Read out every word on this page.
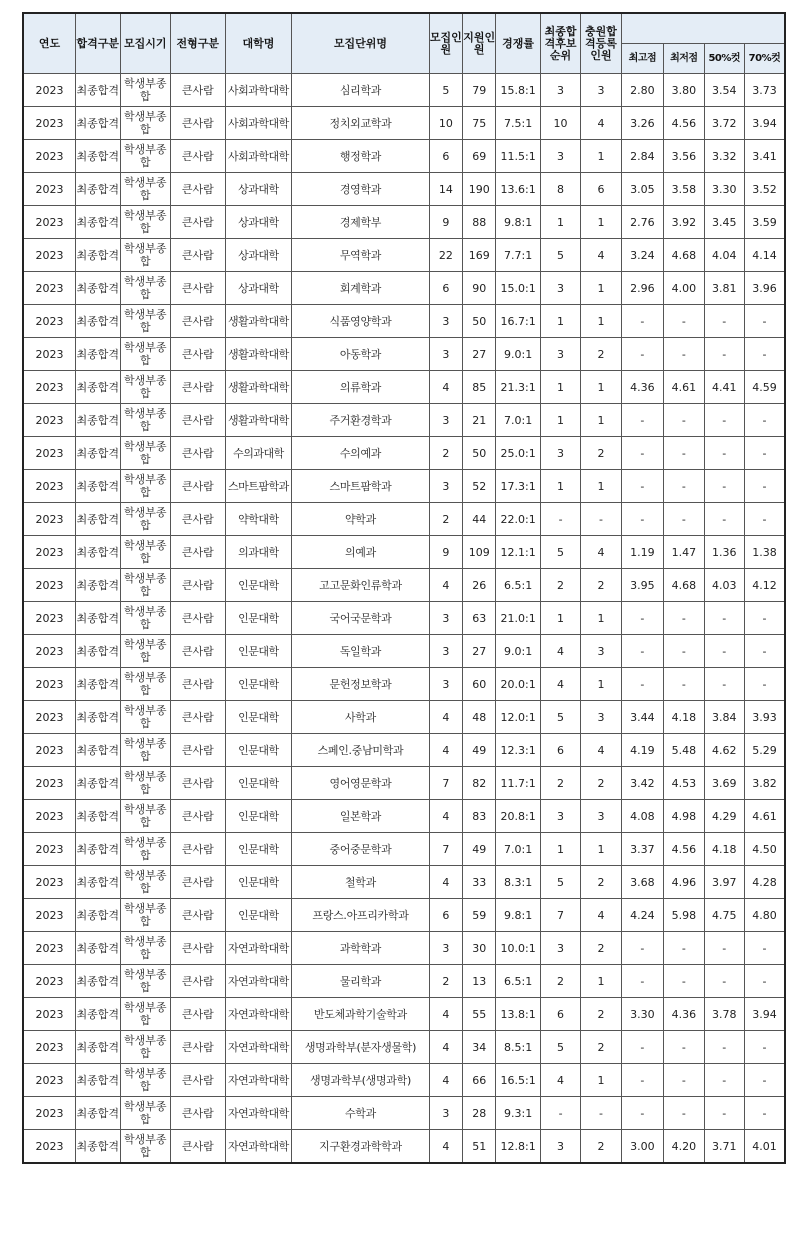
연도	합격구분	모집시기	전형구분	대학명	모집단위명	모집인원	지원인원	경쟁률	최종합격후보순위	충원합격등록인원				
											최고점	최저점	50%컷	70%컷
2023	최종합격	학생부종합	큰사람	사회과학대학	심리학과	5	79	15.8:1	3	3	2.80	3.80	3.54	3.73
2023	최종합격	학생부종합	큰사람	사회과학대학	정치외교학과	10	75	7.5:1	10	4	3.26	4.56	3.72	3.94
2023	최종합격	학생부종합	큰사람	사회과학대학	행정학과	6	69	11.5:1	3	1	2.84	3.56	3.32	3.41
2023	최종합격	학생부종합	큰사람	상과대학	경영학과	14	190	13.6:1	8	6	3.05	3.58	3.30	3.52
2023	최종합격	학생부종합	큰사람	상과대학	경제학부	9	88	9.8:1	1	1	2.76	3.92	3.45	3.59
2023	최종합격	학생부종합	큰사람	상과대학	무역학과	22	169	7.7:1	5	4	3.24	4.68	4.04	4.14
2023	최종합격	학생부종합	큰사람	상과대학	회계학과	6	90	15.0:1	3	1	2.96	4.00	3.81	3.96
2023	최종합격	학생부종합	큰사람	생활과학대학	식품영양학과	3	50	16.7:1	1	1	-	-	-	-
2023	최종합격	학생부종합	큰사람	생활과학대학	아동학과	3	27	9.0:1	3	2	-	-	-	-
2023	최종합격	학생부종합	큰사람	생활과학대학	의류학과	4	85	21.3:1	1	1	4.36	4.61	4.41	4.59
2023	최종합격	학생부종합	큰사람	생활과학대학	주거환경학과	3	21	7.0:1	1	1	-	-	-	-
2023	최종합격	학생부종합	큰사람	수의과대학	수의예과	2	50	25.0:1	3	2	-	-	-	-
2023	최종합격	학생부종합	큰사람	스마트팜학과	스마트팜학과	3	52	17.3:1	1	1	-	-	-	-
2023	최종합격	학생부종합	큰사람	약학대학	약학과	2	44	22.0:1	-	-	-	-	-	-
2023	최종합격	학생부종합	큰사람	의과대학	의예과	9	109	12.1:1	5	4	1.19	1.47	1.36	1.38
2023	최종합격	학생부종합	큰사람	인문대학	고고문화인류학과	4	26	6.5:1	2	2	3.95	4.68	4.03	4.12
2023	최종합격	학생부종합	큰사람	인문대학	국어국문학과	3	63	21.0:1	1	1	-	-	-	-
2023	최종합격	학생부종합	큰사람	인문대학	독일학과	3	27	9.0:1	4	3	-	-	-	-
2023	최종합격	학생부종합	큰사람	인문대학	문헌정보학과	3	60	20.0:1	4	1	-	-	-	-
2023	최종합격	학생부종합	큰사람	인문대학	사학과	4	48	12.0:1	5	3	3.44	4.18	3.84	3.93
2023	최종합격	학생부종합	큰사람	인문대학	스페인.중남미학과	4	49	12.3:1	6	4	4.19	5.48	4.62	5.29
2023	최종합격	학생부종합	큰사람	인문대학	영어영문학과	7	82	11.7:1	2	2	3.42	4.53	3.69	3.82
2023	최종합격	학생부종합	큰사람	인문대학	일본학과	4	83	20.8:1	3	3	4.08	4.98	4.29	4.61
2023	최종합격	학생부종합	큰사람	인문대학	중어중문학과	7	49	7.0:1	1	1	3.37	4.56	4.18	4.50
2023	최종합격	학생부종합	큰사람	인문대학	철학과	4	33	8.3:1	5	2	3.68	4.96	3.97	4.28
2023	최종합격	학생부종합	큰사람	인문대학	프랑스.아프리카학과	6	59	9.8:1	7	4	4.24	5.98	4.75	4.80
2023	최종합격	학생부종합	큰사람	자연과학대학	과학학과	3	30	10.0:1	3	2	-	-	-	-
2023	최종합격	학생부종합	큰사람	자연과학대학	물리학과	2	13	6.5:1	2	1	-	-	-	-
2023	최종합격	학생부종합	큰사람	자연과학대학	반도체과학기술학과	4	55	13.8:1	6	2	3.30	4.36	3.78	3.94
2023	최종합격	학생부종합	큰사람	자연과학대학	생명과학부(분자생물학)	4	34	8.5:1	5	2	-	-	-	-
2023	최종합격	학생부종합	큰사람	자연과학대학	생명과학부(생명과학)	4	66	16.5:1	4	1	-	-	-	-
2023	최종합격	학생부종합	큰사람	자연과학대학	수학과	3	28	9.3:1	-	-	-	-	-	-
2023	최종합격	학생부종합	큰사람	자연과학대학	지구환경과학학과	4	51	12.8:1	3	2	3.00	4.20	3.71	4.01
